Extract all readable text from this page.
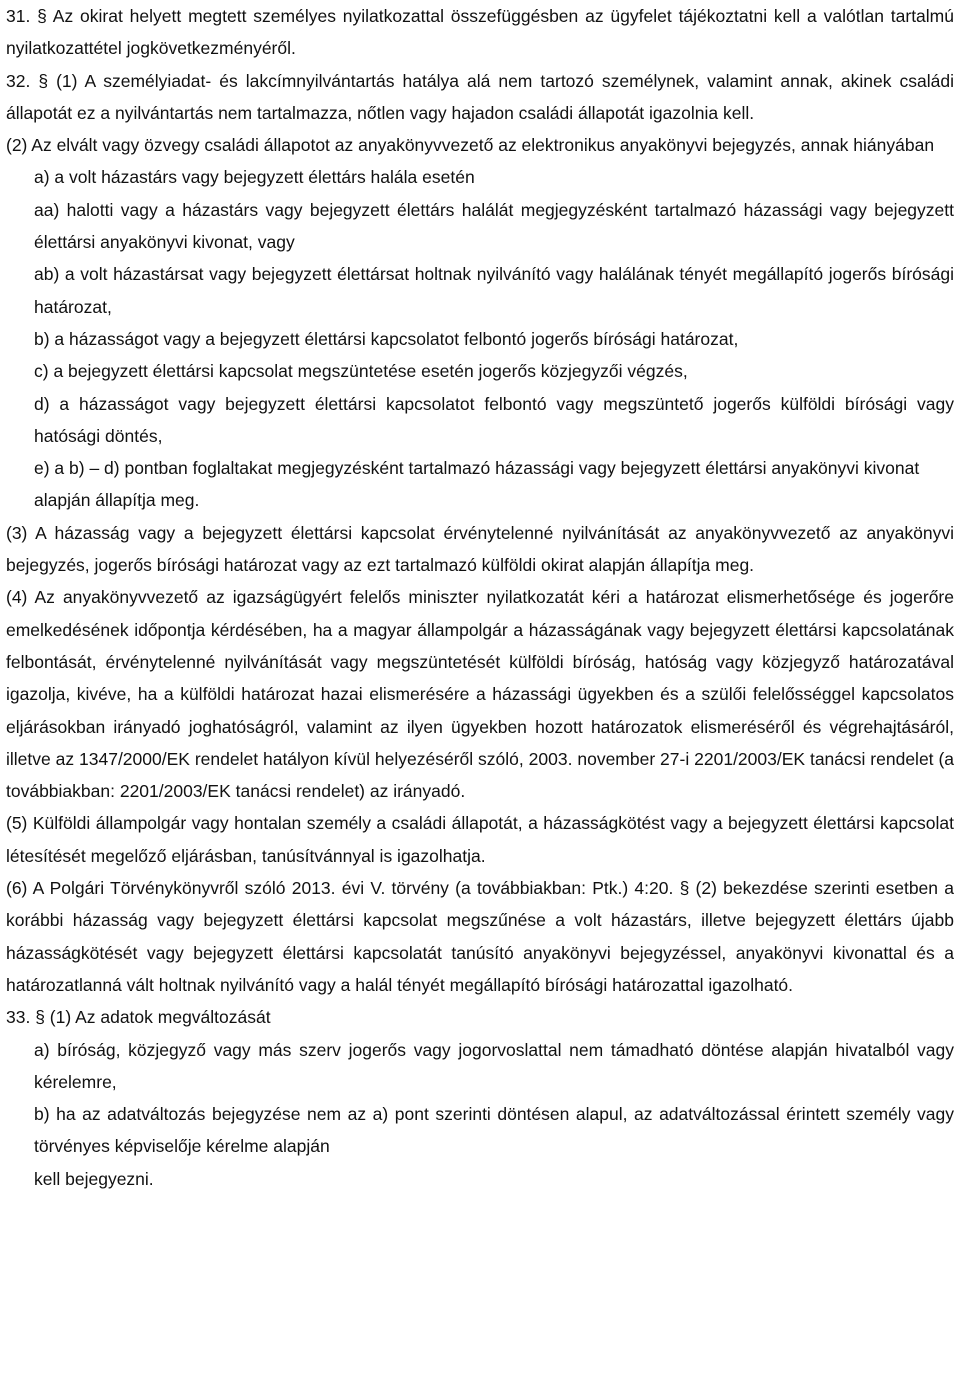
31. § Az okirat helyett megtett személyes nyilatkozattal összefüggésben az ügyfelet tájékoztatni kell a valótlan tartalmú nyilatkozattétel jogkövetkezményéről.

32. § (1) A személyiadat- és lakcímnyilvántartás hatálya alá nem tartozó személynek, valamint annak, akinek családi állapotát ez a nyilvántartás nem tartalmazza, nőtlen vagy hajadon családi állapotát igazolnia kell.

(2) Az elvált vagy özvegy családi állapotot az anyakönyvvezető az elektronikus anyakönyvi bejegyzés, annak hiányában

a) a volt házastárs vagy bejegyzett élettárs halála esetén

aa) halotti vagy a házastárs vagy bejegyzett élettárs halálát megjegyzésként tartalmazó házassági vagy bejegyzett élettársi anyakönyvi kivonat, vagy

ab) a volt házastársat vagy bejegyzett élettársat holtnak nyilvánító vagy halálának tényét megállapító jogerős bírósági határozat,

b) a házasságot vagy a bejegyzett élettársi kapcsolatot felbontó jogerős bírósági határozat,

c) a bejegyzett élettársi kapcsolat megszüntetése esetén jogerős közjegyzői végzés,

d) a házasságot vagy bejegyzett élettársi kapcsolatot felbontó vagy megszüntető jogerős külföldi bírósági vagy hatósági döntés,

e) a b) – d) pontban foglaltakat megjegyzésként tartalmazó házassági vagy bejegyzett élettársi anyakönyvi kivonat

alapján állapítja meg.

(3) A házasság vagy a bejegyzett élettársi kapcsolat érvénytelenné nyilvánítását az anyakönyvvezető az anyakönyvi bejegyzés, jogerős bírósági határozat vagy az ezt tartalmazó külföldi okirat alapján állapítja meg.

(4) Az anyakönyvvezető az igazságügyért felelős miniszter nyilatkozatát kéri a határozat elismerhetősége és jogerőre emelkedésének időpontja kérdésében, ha a magyar állampolgár a házasságának vagy bejegyzett élettársi kapcsolatának felbontását, érvénytelenné nyilvánítását vagy megszüntetését külföldi bíróság, hatóság vagy közjegyző határozatával igazolja, kivéve, ha a külföldi határozat hazai elismerésére a házassági ügyekben és a szülői felelősséggel kapcsolatos eljárásokban irányadó joghatóságról, valamint az ilyen ügyekben hozott határozatok elismeréséről és végrehajtásáról, illetve az 1347/2000/EK rendelet hatályon kívül helyezéséről szóló, 2003. november 27-i 2201/2003/EK tanácsi rendelet (a továbbiakban: 2201/2003/EK tanácsi rendelet) az irányadó.

(5) Külföldi állampolgár vagy hontalan személy a családi állapotát, a házasságkötést vagy a bejegyzett élettársi kapcsolat létesítését megelőző eljárásban, tanúsítvánnyal is igazolhatja.

(6) A Polgári Törvénykönyvről szóló 2013. évi V. törvény (a továbbiakban: Ptk.) 4:20. § (2) bekezdése szerinti esetben a korábbi házasság vagy bejegyzett élettársi kapcsolat megszűnése a volt házastárs, illetve bejegyzett élettárs újabb házasságkötését vagy bejegyzett élettársi kapcsolatát tanúsító anyakönyvi bejegyzéssel, anyakönyvi kivonattal és a határozatlanná vált holtnak nyilvánító vagy a halál tényét megállapító bírósági határozattal igazolható.

33. § (1) Az adatok megváltozását

a) bíróság, közjegyző vagy más szerv jogerős vagy jogorvoslattal nem támadható döntése alapján hivatalból vagy kérelemre,

b) ha az adatváltozás bejegyzése nem az a) pont szerinti döntésen alapul, az adatváltozással érintett személy vagy törvényes képviselője kérelme alapján

kell bejegyezni.
